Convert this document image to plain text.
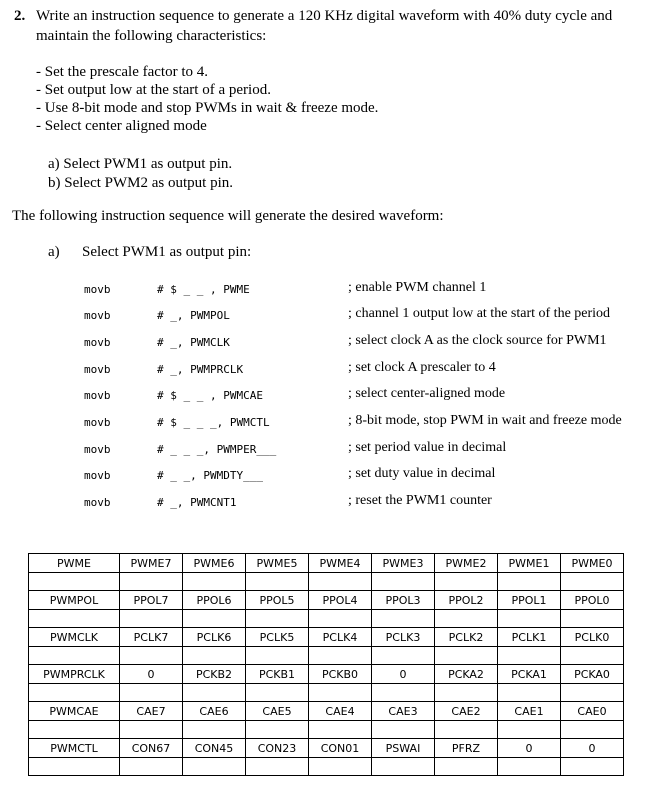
2. Write an instruction sequence to generate a 120 KHz digital waveform with 40% duty cycle and maintain the following characteristics:
- Set the prescale factor to 4.
- Set output low at the start of a period.
- Use 8-bit mode and stop PWMs in wait & freeze mode.
- Select center aligned mode
a) Select PWM1 as output pin.
b) Select PWM2 as output pin.
The following instruction sequence will generate the desired waveform:
a) Select PWM1 as output pin:
movb	# $ _ _ , PWME	; enable PWM channel 1
movb	# _, PWMPOL	; channel 1 output low at the start of the period
movb	# _, PWMCLK	; select clock A as the clock source for PWM1
movb	# _, PWMPRCLK	; set clock A prescaler to 4
movb	# $ _ _ , PWMCAE	; select center-aligned mode
movb	# $ _ _ _, PWMCTL	; 8-bit mode, stop PWM in wait and freeze mode
movb	# _ _ _, PWMPER___	; set period value in decimal
movb	# _ _, PWMDTY___	; set duty value in decimal
movb	# _, PWMCNT1	; reset the PWM1 counter
PWME	PWME7	PWME6	PWME5	PWME4	PWME3	PWME2	PWME1	PWME0

PWMPOL	PPOL7	PPOL6	PPOL5	PPOL4	PPOL3	PPOL2	PPOL1	PPOL0

PWMCLK	PCLK7	PCLK6	PCLK5	PCLK4	PCLK3	PCLK2	PCLK1	PCLK0

PWMPRCLK	0	PCKB2	PCKB1	PCKB0	0	PCKA2	PCKA1	PCKA0

PWMCAE	CAE7	CAE6	CAE5	CAE4	CAE3	CAE2	CAE1	CAE0

PWMCTL	CON67	CON45	CON23	CON01	PSWAI	PFRZ	0	0
